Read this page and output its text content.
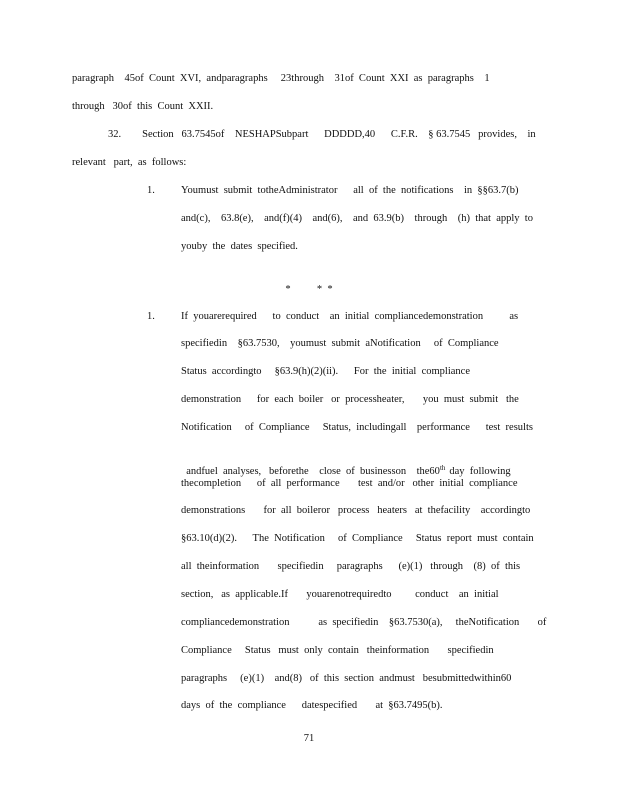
paragraph    45of  Count  XVI,  andparagraphs     23through    31of  Count  XXI  as  paragraphs    1
through   30of  this  Count  XXII.
32.        Section   63.7545of    NESHAPSubpart      DDDDD,40      C.F.R.    § 63.7545   provides,    in
relevant   part,  as  follows:
1. Youmust  submit  totheAdministrator      all  of  the  notifications    in  §§63.7(b)
and(c),    63.8(e),    and(f)(4)    and(6),    and  63.9(b)    through    (h)  that  apply  to
youby  the  dates  specified.
*          *  *
1. If  youarerequired      to  conduct    an  initial  compliancedemonstration          as
specifiedin    §63.7530,    youmust  submit  aNotification     of  Compliance
Status  accordingto     §63.9(h)(2)(ii).      For  the  initial  compliance
demonstration      for  each  boiler   or  processheater,       you  must  submit   the
Notification     of  Compliance     Status,  includingall    performance      test  results

andfuel  analyses,   beforethe    close  of  businesson    the60th day  following

thecompletion      of  all  performance       test  and/or   other  initial  compliance
demonstrations       for  all  boileror   process   heaters   at  thefacility    accordingto
§63.10(d)(2).      The  Notification     of  Compliance     Status  report  must  contain
all  theinformation       specifiedin     paragraphs      (e)(1)   through    (8)  of  this
section,   as  applicable.If       youarenotrequiredto         conduct    an  initial
compliancedemonstration           as  specifiedin    §63.7530(a),     theNotification       of
Compliance     Status   must  only  contain   theinformation       specifiedin
paragraphs     (e)(1)    and(8)   of  this  section  andmust   besubmittedwithin60
days  of  the  compliance      datespecified       at  §63.7495(b).
71
